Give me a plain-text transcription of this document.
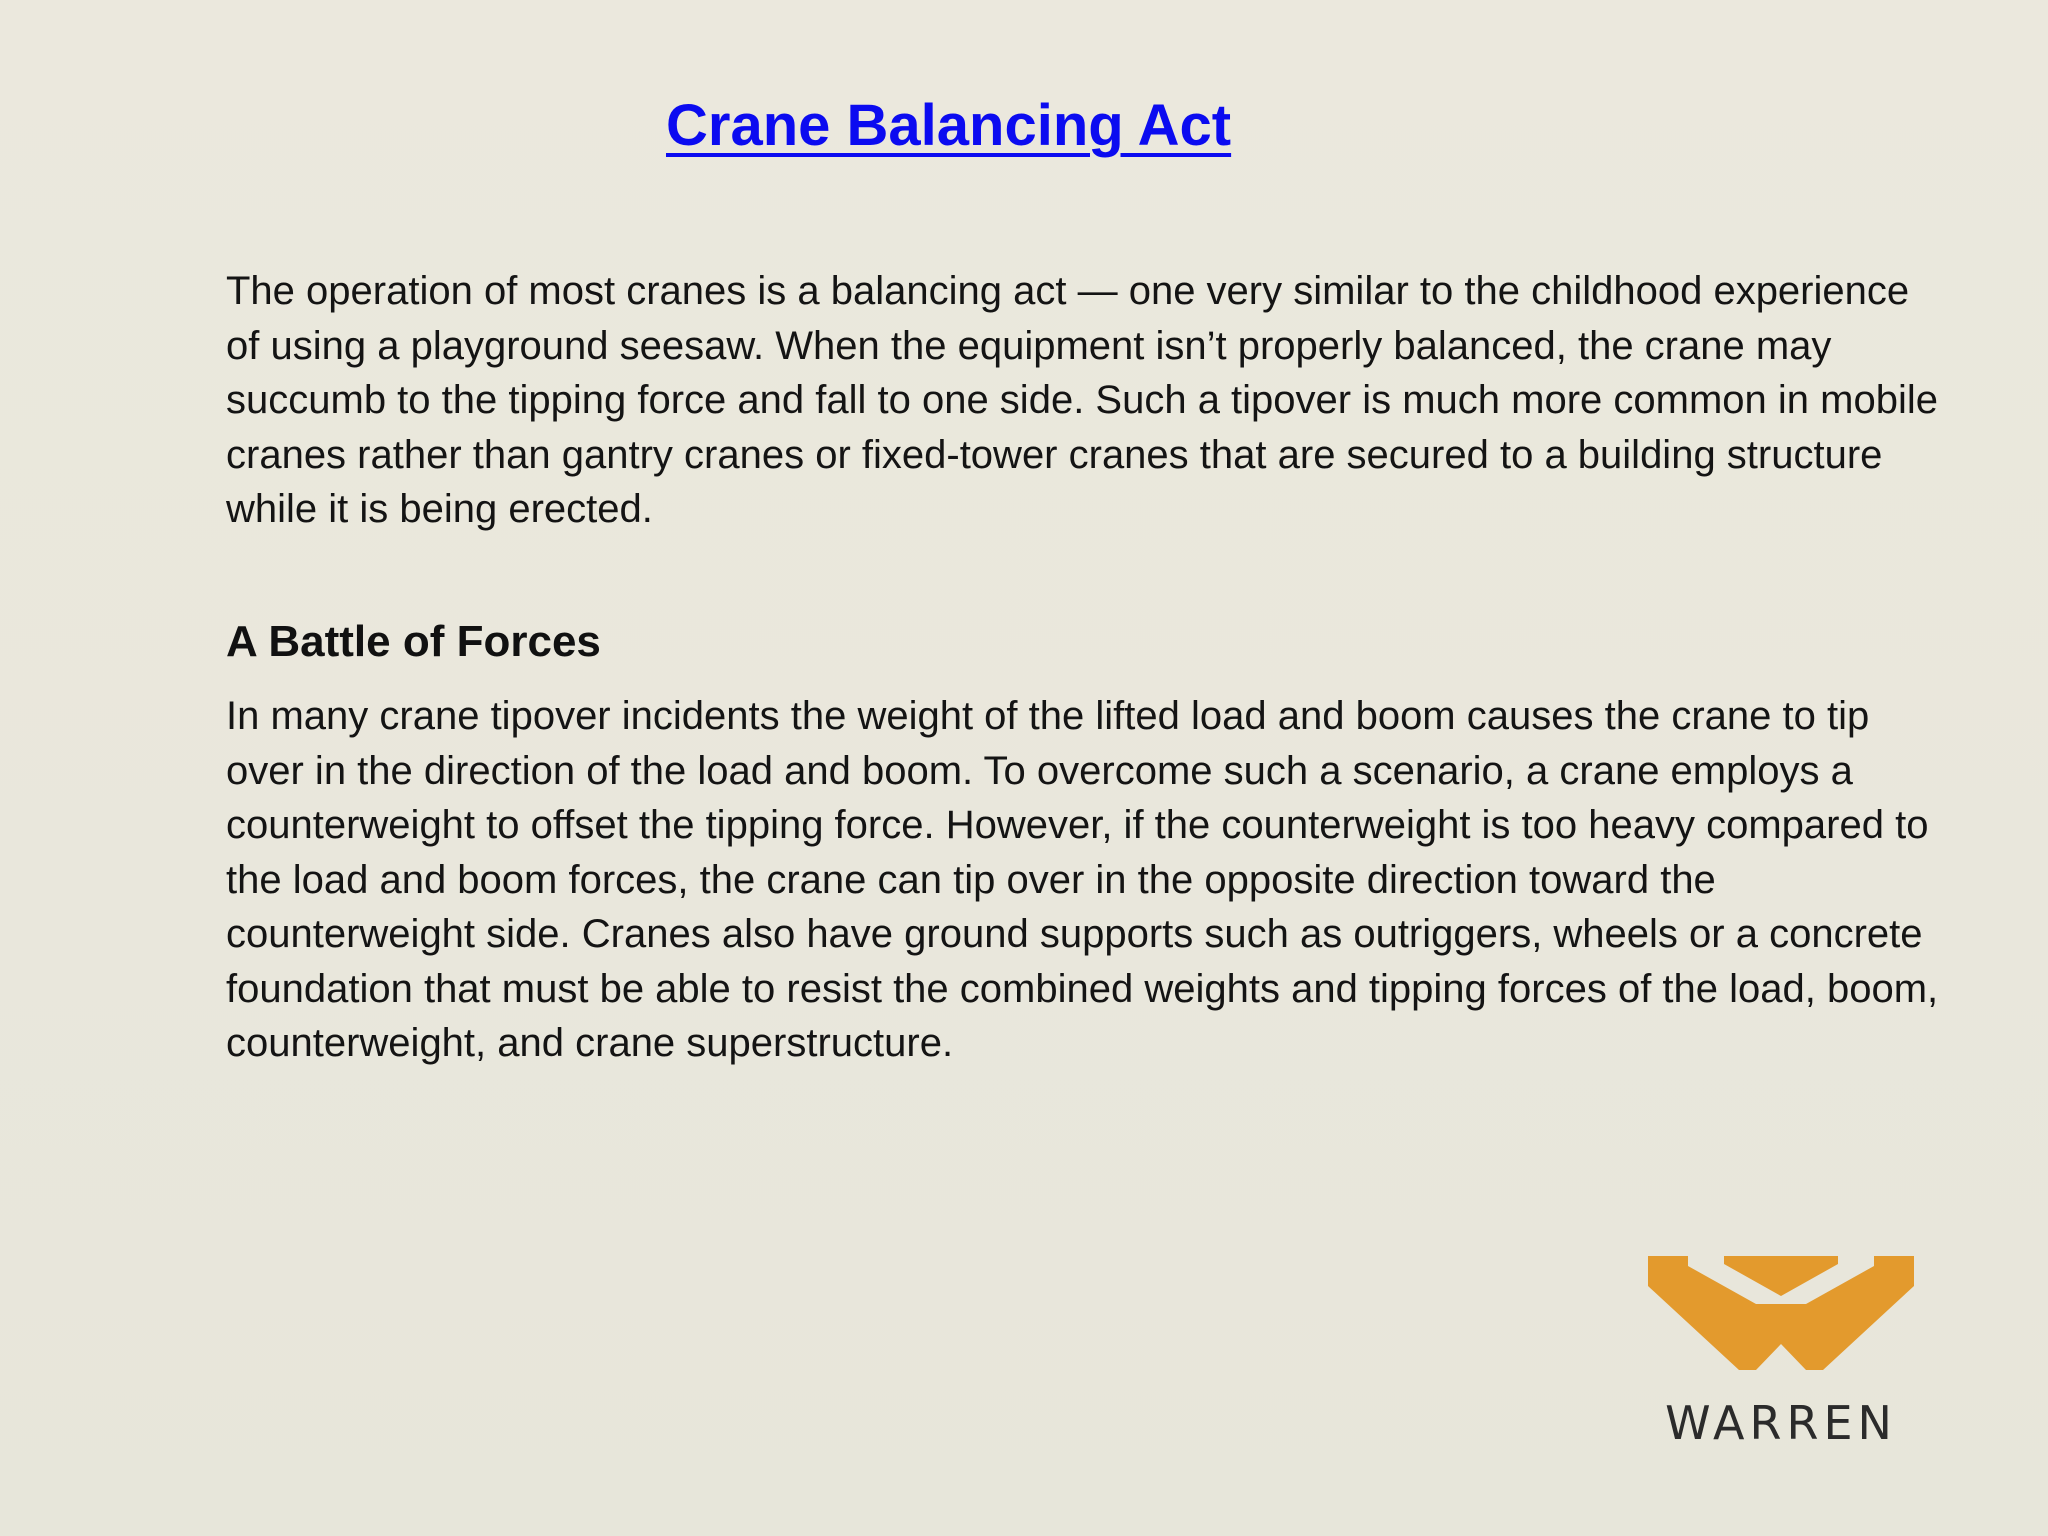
Crane Balancing Act

The operation of most cranes is a balancing act — one very similar to the childhood experience of using a playground seesaw. When the equipment isn’t properly balanced, the crane may succumb to the tipping force and fall to one side. Such a tipover is much more common in mobile cranes rather than gantry cranes or fixed-tower cranes that are secured to a building structure while it is being erected.

A Battle of Forces

In many crane tipover incidents the weight of the lifted load and boom causes the crane to tip over in the direction of the load and boom. To overcome such a scenario, a crane employs a counterweight to offset the tipping force. However, if the counterweight is too heavy compared to the load and boom forces, the crane can tip over in the opposite direction toward the counterweight side. Cranes also have ground supports such as outriggers, wheels or a concrete foundation that must be able to resist the combined weights and tipping forces of the load, boom, counterweight, and crane superstructure.

WARREN
